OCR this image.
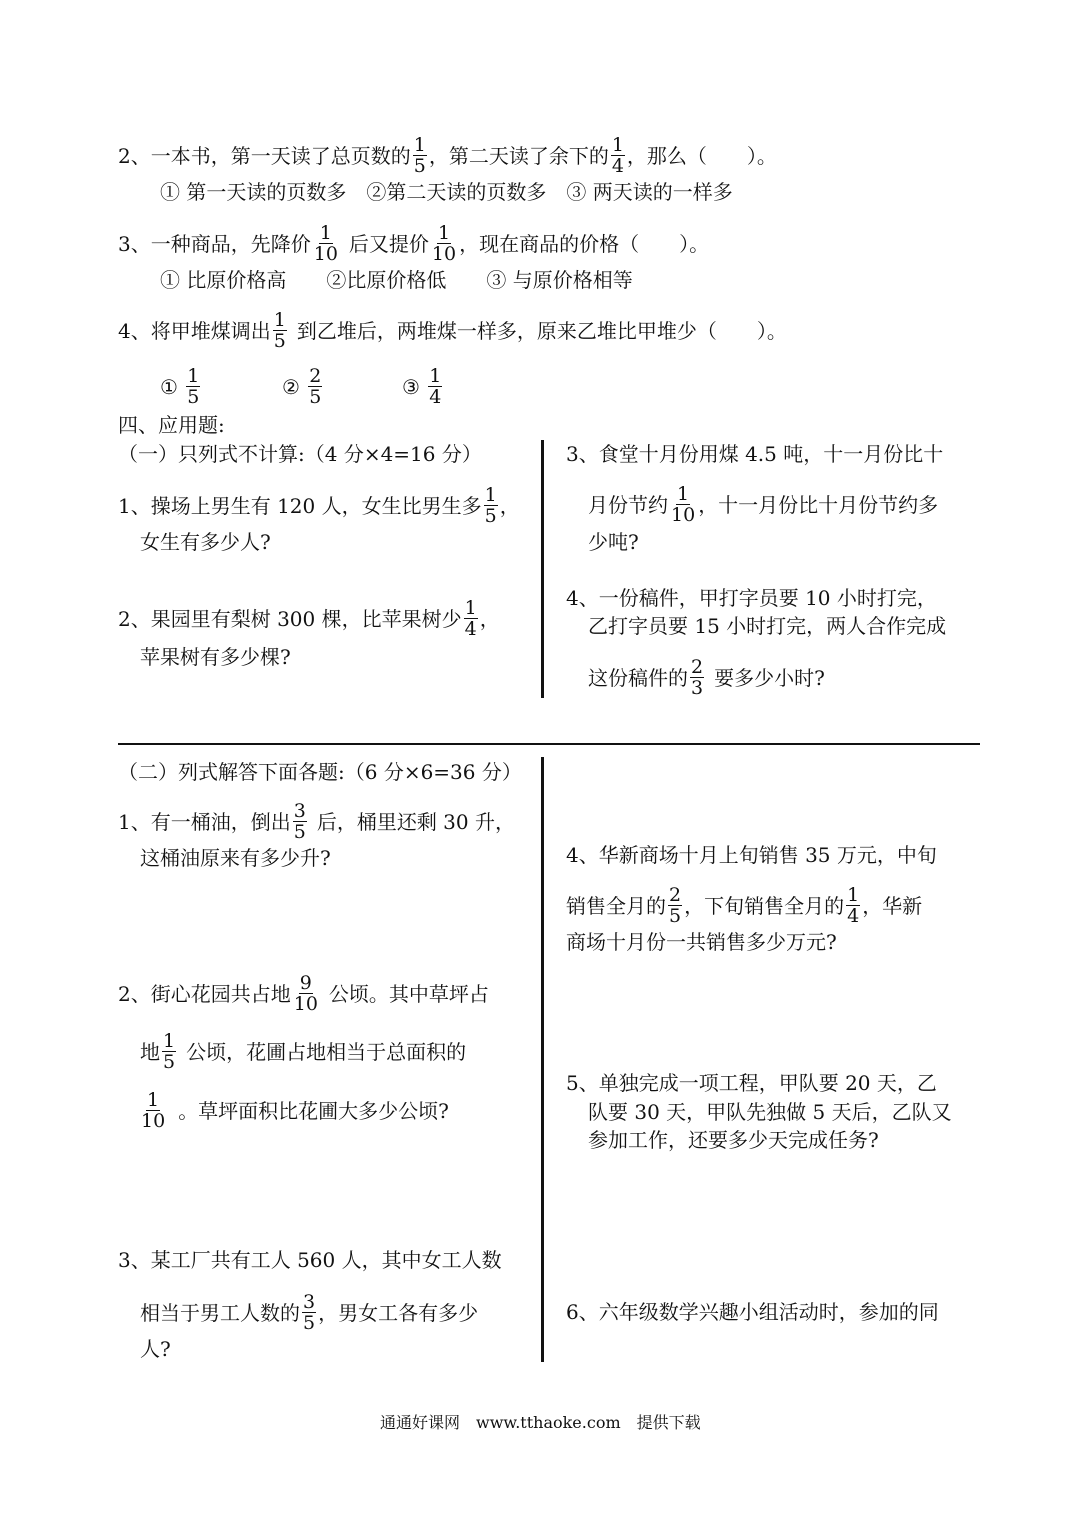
2、一本书，第一天读了总页数的 $\frac{1}{5}$ ，第二天读了余下的 $\frac{1}{4}$ ，那么（　　）。
① 第一天读的页数多　②第二天读的页数多　③ 两天读的一样多
3、一种商品，先降价 $\frac{1}{10}$ 后又提价 $\frac{1}{10}$ ，现在商品的价格（　　）。
① 比原价格高　　②比原价格低　　③ 与原价格相等
4、将甲堆煤调出 $\frac{1}{5}$ 到乙堆后，两堆煤一样多，原来乙堆比甲堆少（　　）。
① $\frac{1}{5}$	② $\frac{2}{5}$	③ $\frac{1}{4}$
四、应用题:
（一）只列式不计算:（4 分×4=16 分）
1、操场上男生有 120 人，女生比男生多 $\frac{1}{5}$ ，
女生有多少人?
2、果园里有梨树 300 棵，比苹果树少 $\frac{1}{4}$ ，
苹果树有多少棵?
3、食堂十月份用煤 4.5 吨，十一月份比十
月份节约 $\frac{1}{10}$ ，十一月份比十月份节约多
少吨?
4、一份稿件，甲打字员要 10 小时打完，
乙打字员要 15 小时打完，两人合作完成
这份稿件的 $\frac{2}{3}$ 要多少小时?
（二）列式解答下面各题:（6 分×6=36 分）
1、有一桶油，倒出 $\frac{3}{5}$ 后，桶里还剩 30 升，
这桶油原来有多少升?
2、街心花园共占地 $\frac{9}{10}$ 公顷。其中草坪占
地 $\frac{1}{5}$ 公顷，花圃占地相当于总面积的
$\frac{1}{10}$ 。草坪面积比花圃大多少公顷?
3、某工厂共有工人 560 人，其中女工人数
相当于男工人数的 $\frac{3}{5}$ ，男女工各有多少
人?
4、华新商场十月上旬销售 35 万元，中旬
销售全月的 $\frac{2}{5}$ ，下旬销售全月的 $\frac{1}{4}$ ，华新
商场十月份一共销售多少万元?
5、单独完成一项工程，甲队要 20 天，乙
队要 30 天，甲队先独做 5 天后，乙队又
参加工作，还要多少天完成任务?
6、六年级数学兴趣小组活动时，参加的同
通通好课网　www.tthaoke.com　提供下载
